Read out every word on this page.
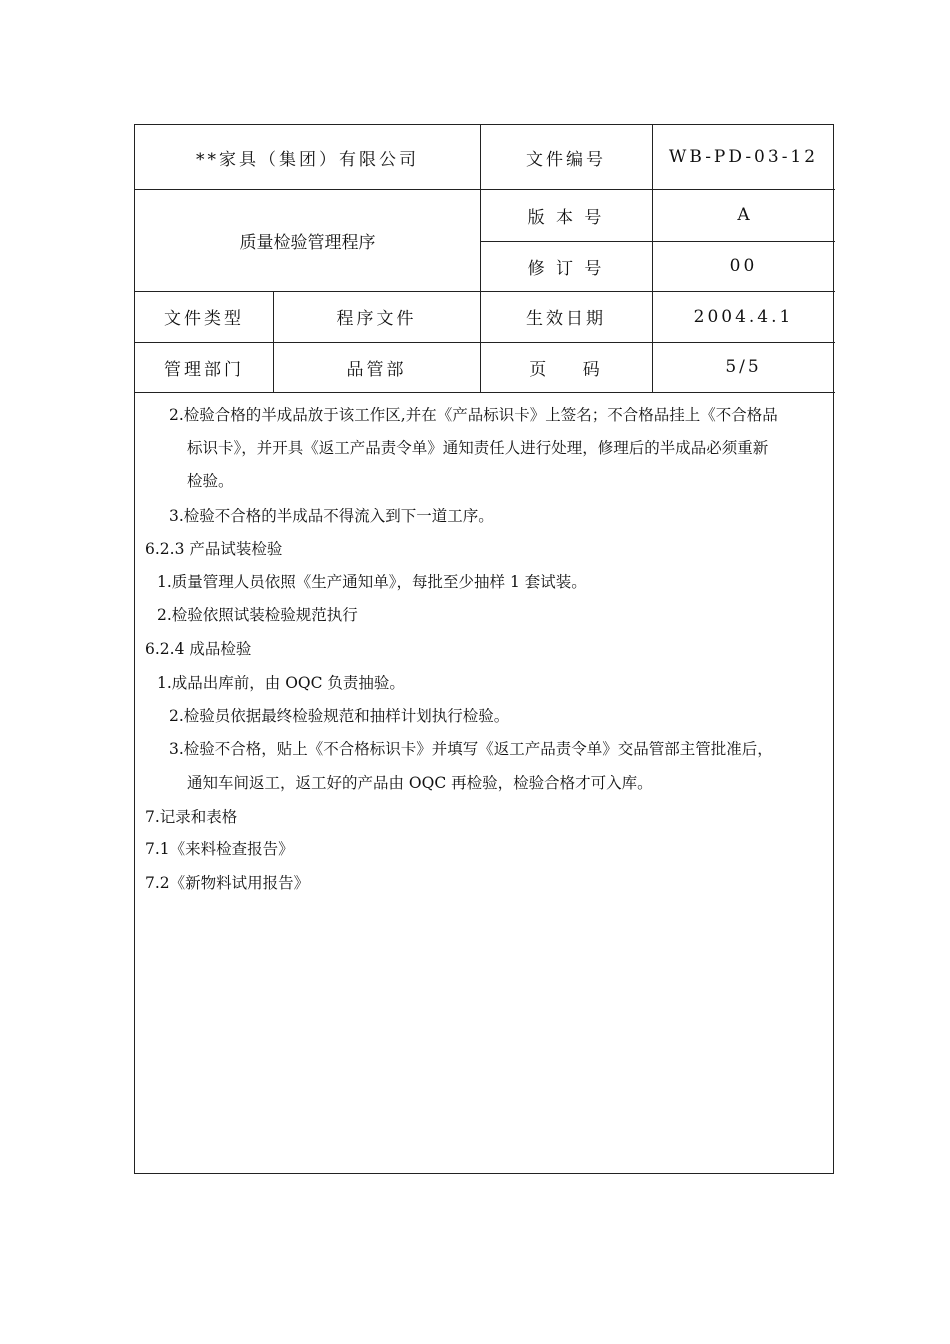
**家具（集团）有限公司	文件编号	WB-PD-03-12
质量检验管理程序
版 本 号	A
修 订 号	00
文件类型	程序文件	生效日期	2004.4.1
管理部门	品管部	页    码	5/5
2.检验合格的半成品放于该工作区,并在《产品标识卡》上签名；不合格品挂上《不合格品
标识卡》，并开具《返工产品责令单》通知责任人进行处理，修理后的半成品必须重新
检验。
3.检验不合格的半成品不得流入到下一道工序。
6.2.3 产品试装检验
1.质量管理人员依照《生产通知单》，每批至少抽样 1 套试装。
2.检验依照试装检验规范执行
6.2.4 成品检验
1.成品出库前，由 OQC 负责抽验。
2.检验员依据最终检验规范和抽样计划执行检验。
3.检验不合格，贴上《不合格标识卡》并填写《返工产品责令单》交品管部主管批准后，
通知车间返工，返工好的产品由 OQC 再检验，检验合格才可入库。
7.记录和表格
7.1《来料检查报告》
7.2《新物料试用报告》
